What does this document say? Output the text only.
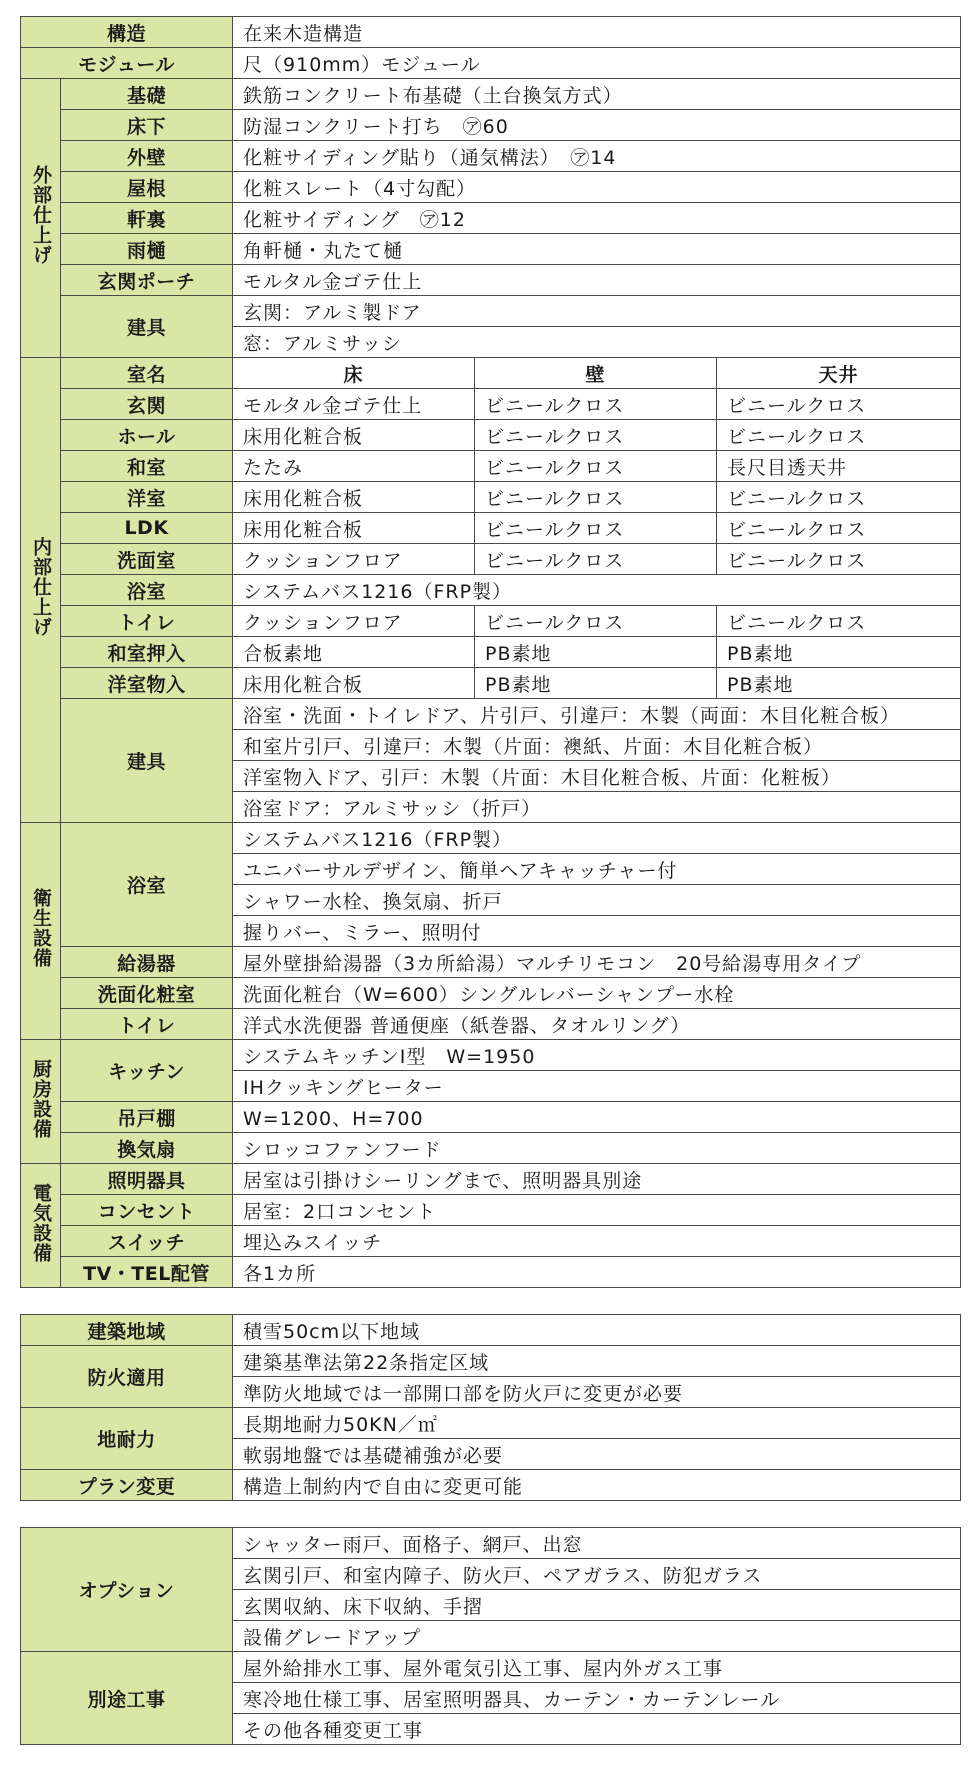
構造		在来木造構造		
モジュール		尺（910mm）モジュール		
外部仕上げ	基礎	鉄筋コンクリート布基礎（土台換気方式）		
	床下	防湿コンクリート打ち　㋐60		
	外壁	化粧サイディング貼り（通気構法）　㋐14		
	屋根	化粧スレート（4寸勾配）		
	軒裏	化粧サイディング　㋐12		
	雨樋	角軒樋・丸たて樋		
	玄関ポーチ	モルタル金ゴテ仕上		
	建具	玄関：アルミ製ドア		
		窓：アルミサッシ		
内部仕上げ	室名	床	壁	天井
	玄関	モルタル金ゴテ仕上	ビニールクロス	ビニールクロス
	ホール	床用化粧合板	ビニールクロス	ビニールクロス
	和室	たたみ	ビニールクロス	長尺目透天井
	洋室	床用化粧合板	ビニールクロス	ビニールクロス
	LDK	床用化粧合板	ビニールクロス	ビニールクロス
	洗面室	クッションフロア	ビニールクロス	ビニールクロス
	浴室	システムバス1216（FRP製）		
	トイレ	クッションフロア	ビニールクロス	ビニールクロス
	和室押入	合板素地	PB素地	PB素地
	洋室物入	床用化粧合板	PB素地	PB素地
	建具	浴室・洗面・トイレドア、片引戸、引違戸：木製（両面：木目化粧合板）		
		和室片引戸、引違戸：木製（片面：襖紙、片面：木目化粧合板）		
		洋室物入ドア、引戸：木製（片面：木目化粧合板、片面：化粧板）		
		浴室ドア：アルミサッシ（折戸）		
衛生設備	浴室	システムバス1216（FRP製）		
		ユニバーサルデザイン、簡単ヘアキャッチャー付		
		シャワー水栓、換気扇、折戸		
		握りバー、ミラー、照明付		
	給湯器	屋外壁掛給湯器（3カ所給湯）マルチリモコン　20号給湯専用タイプ		
	洗面化粧室	洗面化粧台（W=600）シングルレバーシャンプー水栓		
	トイレ	洋式水洗便器 普通便座（紙巻器、タオルリング）		
厨房設備	キッチン	システムキッチンI型　W=1950		
		IHクッキングヒーター		
	吊戸棚	W=1200、H=700		
	換気扇	シロッコファンフード		
電気設備	照明器具	居室は引掛けシーリングまで、照明器具別途		
	コンセント	居室：2口コンセント		
	スイッチ	埋込みスイッチ		
	TV・TEL配管	各1カ所		
建築地域	積雪50cm以下地域
防火適用	建築基準法第22条指定区域
	準防火地域では一部開口部を防火戸に変更が必要
地耐力	長期地耐力50KN／㎡
	軟弱地盤では基礎補強が必要
プラン変更	構造上制約内で自由に変更可能
オプション	シャッター雨戸、面格子、網戸、出窓
	玄関引戸、和室内障子、防火戸、ペアガラス、防犯ガラス
	玄関収納、床下収納、手摺
	設備グレードアップ
別途工事	屋外給排水工事、屋外電気引込工事、屋内外ガス工事
	寒冷地仕様工事、居室照明器具、カーテン・カーテンレール
	その他各種変更工事
